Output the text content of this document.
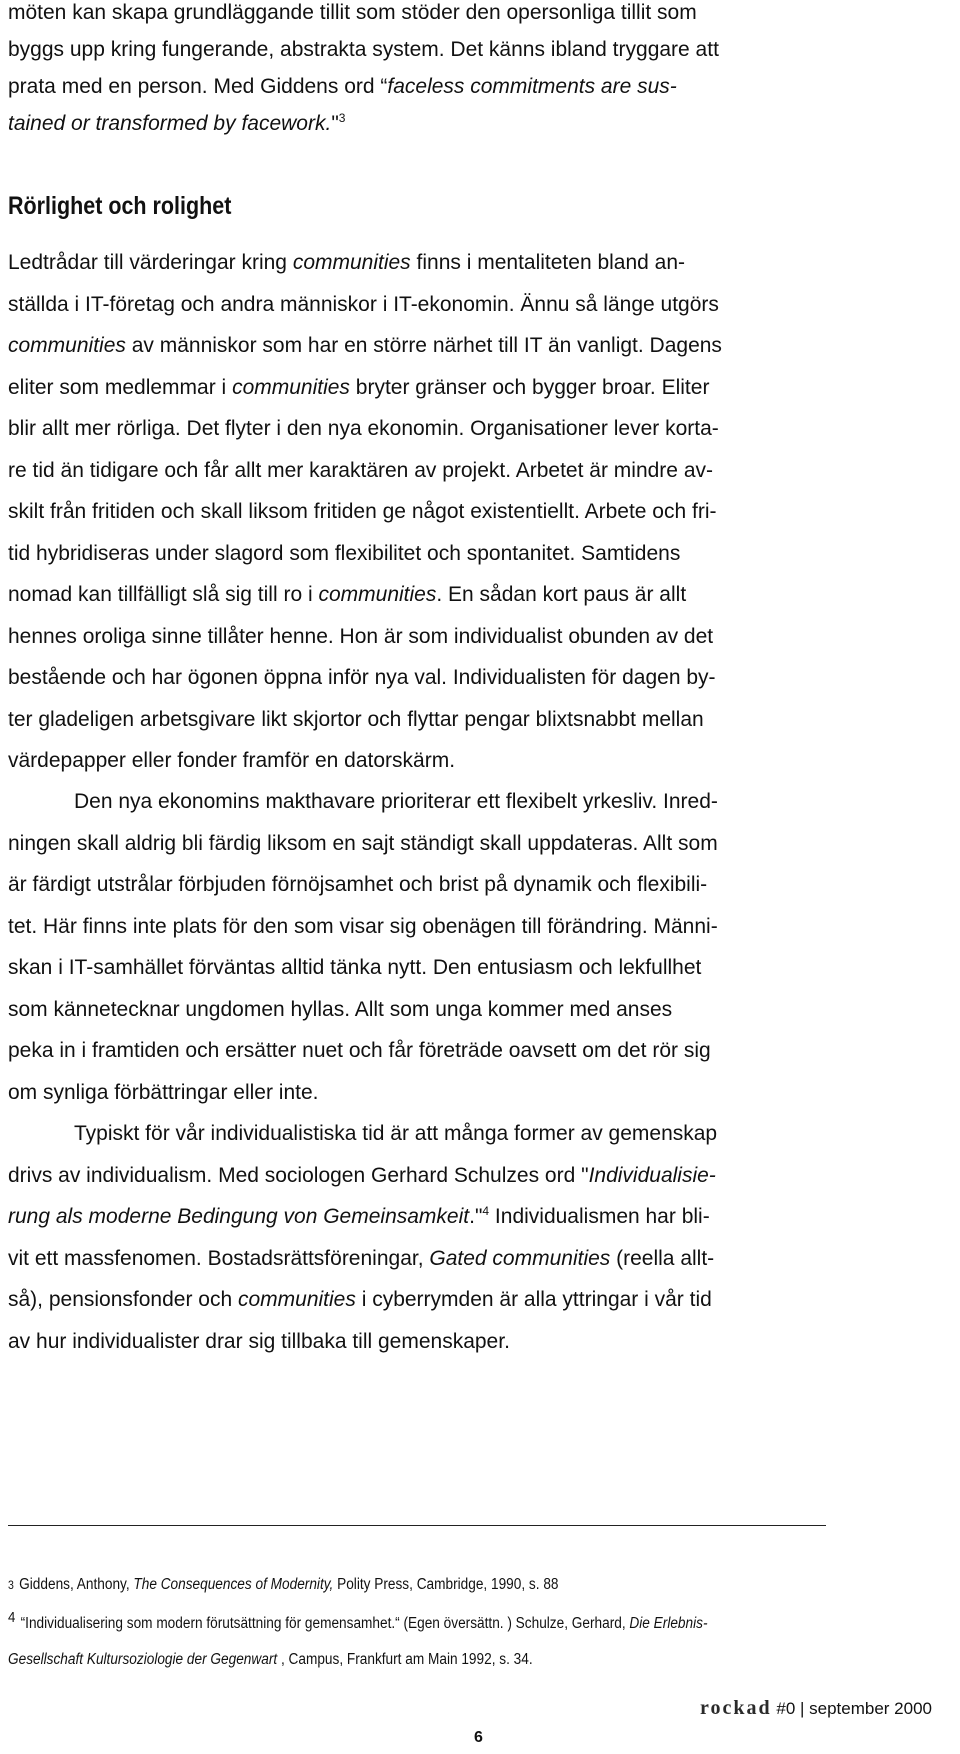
möten kan skapa grundläggande tillit som stöder den opersonliga tillit som
byggs upp kring fungerande, abstrakta system. Det känns ibland tryggare att
prata med en person. Med Giddens ord “faceless commitments are sus-
tained or transformed by facework."$^3$
Rörlighet och rolighet
Ledtrådar till värderingar kring communities finns i mentaliteten bland an-
ställda i IT-företag och andra människor i IT-ekonomin. Ännu så länge utgörs
communities av människor som har en större närhet till IT än vanligt. Dagens
eliter som medlemmar i communities bryter gränser och bygger broar. Eliter
blir allt mer rörliga. Det flyter i den nya ekonomin. Organisationer lever korta-
re tid än tidigare och får allt mer karaktären av projekt. Arbetet är mindre av-
skilt från fritiden och skall liksom fritiden ge något existentiellt. Arbete och fri-
tid hybridiseras under slagord som flexibilitet och spontanitet. Samtidens
nomad kan tillfälligt slå sig till ro i communities. En sådan kort paus är allt
hennes oroliga sinne tillåter henne. Hon är som individualist obunden av det
bestående och har ögonen öppna inför nya val. Individualisten för dagen by-
ter gladeligen arbetsgivare likt skjortor och flyttar pengar blixtsnabbt mellan
värdepapper eller fonder framför en datorskärm.
Den nya ekonomins makthavare prioriterar ett flexibelt yrkesliv. Inred-
ningen skall aldrig bli färdig liksom en sajt ständigt skall uppdateras. Allt som
är färdigt utstrålar förbjuden förnöjsamhet och brist på dynamik och flexibili-
tet. Här finns inte plats för den som visar sig obenägen till förändring. Männi-
skan i IT-samhället förväntas alltid tänka nytt. Den entusiasm och lekfullhet
som kännetecknar ungdomen hyllas. Allt som unga kommer med anses
peka in i framtiden och ersätter nuet och får företräde oavsett om det rör sig
om synliga förbättringar eller inte.
Typiskt för vår individualistiska tid är att många former av gemenskap
drivs av individualism. Med sociologen Gerhard Schulzes ord "Individualisie-
rung als moderne Bedingung von Gemeinsamkeit."$^4$ Individualismen har bli-
vit ett massfenomen. Bostadsrättsföreningar, Gated communities (reella allt-
så), pensionsfonder och communities i cyberrymden är alla yttringar i vår tid
av hur individualister drar sig tillbaka till gemenskaper.
3 Giddens, Anthony, The Consequences of Modernity, Polity Press, Cambridge, 1990, s. 88
4 “Individualisering som modern förutsättning för gemensamhet.“ (Egen översättn. ) Schulze, Gerhard, Die Erlebnis-
Gesellschaft Kultursoziologie der Gegenwart , Campus, Frankfurt am Main 1992, s. 34.
rockad #0 | september 2000
6
